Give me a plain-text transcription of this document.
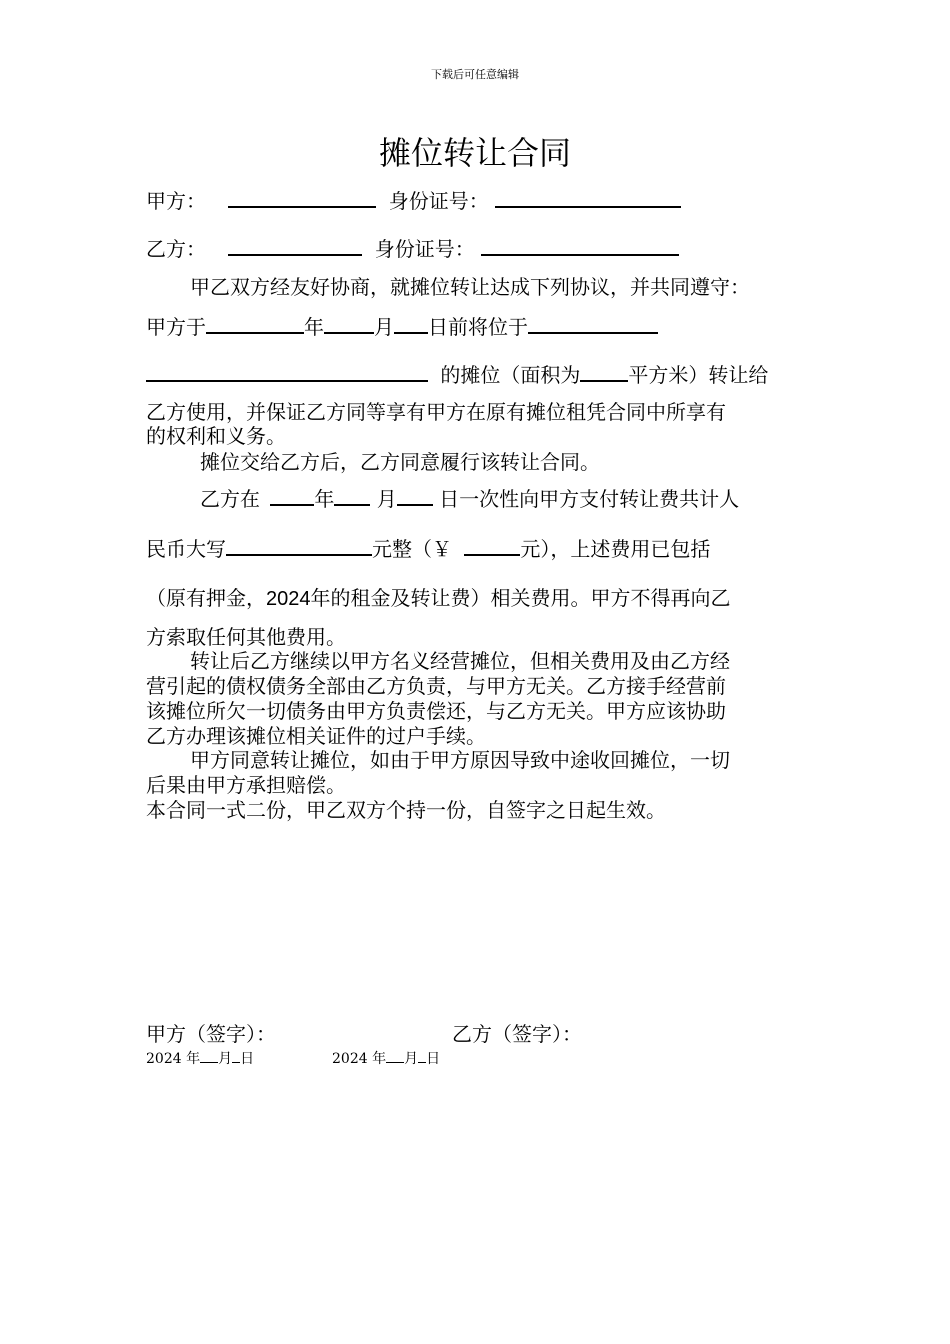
下载后可任意编辑
摊位转让合同
甲方：	身份证号：
乙方：	身份证号：
甲乙双方经友好协商，就摊位转让达成下列协议，并共同遵守：
甲方于	年	月 日前将位于
的摊位（面积为 平方米）转让给
乙方使用，并保证乙方同等享有甲方在原有摊位租凭合同中所享有
的权利和义务。
摊位交给乙方后，乙方同意履行该转让合同。
乙方在	年 月 日一次性向甲方支付转让费共计人
民币大写	元整（￥	元），上述费用已包括
（原有押金，2024年的租金及转让费）相关费用。甲方不得再向乙
方索取任何其他费用。
转让后乙方继续以甲方名义经营摊位，但相关费用及由乙方经
营引起的债权债务全部由乙方负责，与甲方无关。乙方接手经营前
该摊位所欠一切债务由甲方负责偿还，与乙方无关。甲方应该协助
乙方办理该摊位相关证件的过户手续。
甲方同意转让摊位，如由于甲方原因导致中途收回摊位，一切
后果由甲方承担赔偿。
本合同一式二份，甲乙双方个持一份，自签字之日起生效。
甲方（签字）：	乙方（签字）：
2024 年 月 日	2024 年 月 日
